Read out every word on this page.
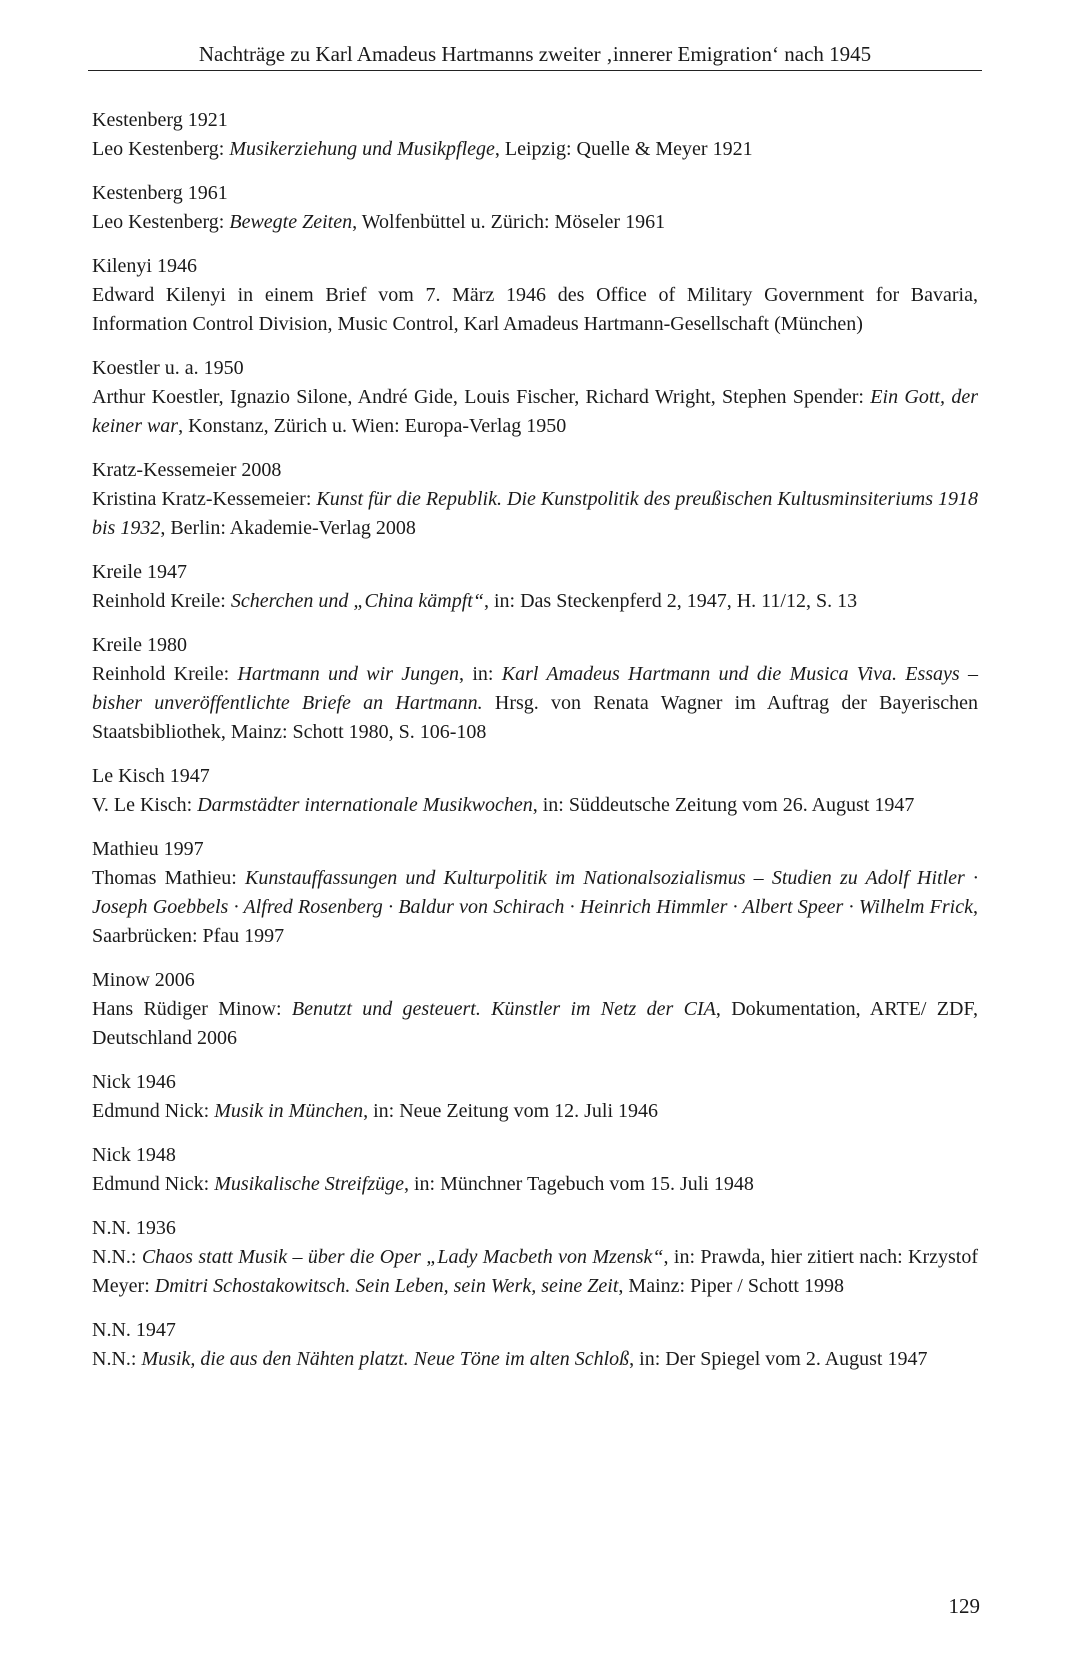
Nachträge zu Karl Amadeus Hartmanns zweiter ‚innerer Emigration‘ nach 1945
Kestenberg 1921
Leo Kestenberg: Musikerziehung und Musikpflege, Leipzig: Quelle & Meyer 1921
Kestenberg 1961
Leo Kestenberg: Bewegte Zeiten, Wolfenbüttel u. Zürich: Möseler 1961
Kilenyi 1946
Edward Kilenyi in einem Brief vom 7. März 1946 des Office of Military Government for Bavaria, Information Control Division, Music Control, Karl Amadeus Hartmann-Gesellschaft (München)
Koestler u. a. 1950
Arthur Koestler, Ignazio Silone, André Gide, Louis Fischer, Richard Wright, Stephen Spender: Ein Gott, der keiner war, Konstanz, Zürich u. Wien: Europa-Verlag 1950
Kratz-Kessemeier 2008
Kristina Kratz-Kessemeier: Kunst für die Republik. Die Kunstpolitik des preußischen Kultusminsiteriums 1918 bis 1932, Berlin: Akademie-Verlag 2008
Kreile 1947
Reinhold Kreile: Scherchen und „China kämpft“, in: Das Steckenpferd 2, 1947, H. 11/12, S. 13
Kreile 1980
Reinhold Kreile: Hartmann und wir Jungen, in: Karl Amadeus Hartmann und die Musica Viva. Essays – bisher unveröffentlichte Briefe an Hartmann. Hrsg. von Renata Wagner im Auftrag der Bayerischen Staatsbibliothek, Mainz: Schott 1980, S. 106-108
Le Kisch 1947
V. Le Kisch: Darmstädter internationale Musikwochen, in: Süddeutsche Zeitung vom 26. August 1947
Mathieu 1997
Thomas Mathieu: Kunstauffassungen und Kulturpolitik im Nationalsozialismus – Studien zu Adolf Hitler · Joseph Goebbels · Alfred Rosenberg · Baldur von Schirach · Heinrich Himmler · Albert Speer · Wilhelm Frick, Saarbrücken: Pfau 1997
Minow 2006
Hans Rüdiger Minow: Benutzt und gesteuert. Künstler im Netz der CIA, Dokumentation, ARTE/ ZDF, Deutschland 2006
Nick 1946
Edmund Nick: Musik in München, in: Neue Zeitung vom 12. Juli 1946
Nick 1948
Edmund Nick: Musikalische Streifzüge, in: Münchner Tagebuch vom 15. Juli 1948
N.N. 1936
N.N.: Chaos statt Musik – über die Oper „Lady Macbeth von Mzensk“, in: Prawda, hier zitiert nach: Krzystof Meyer: Dmitri Schostakowitsch. Sein Leben, sein Werk, seine Zeit, Mainz: Piper / Schott 1998
N.N. 1947
N.N.: Musik, die aus den Nähten platzt. Neue Töne im alten Schloß, in: Der Spiegel vom 2. August 1947
129
